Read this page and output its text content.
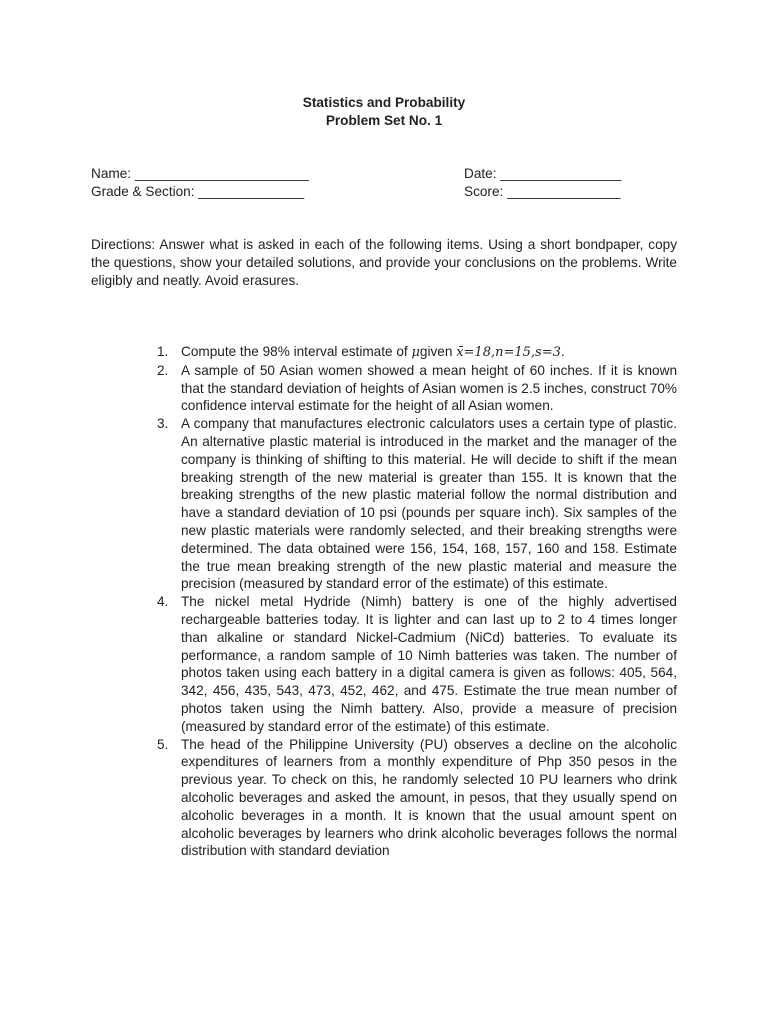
Statistics and Probability
Problem Set No. 1
Name: _______________________	Date: ________________
Grade & Section: ______________	Score: _______________
Directions: Answer what is asked in each of the following items. Using a short bondpaper, copy the questions, show your detailed solutions, and provide your conclusions on the problems. Write eligibly and neatly. Avoid erasures.
1. Compute the 98% interval estimate of μgiven x̄=18,n=15,s=3.
2. A sample of 50 Asian women showed a mean height of 60 inches. If it is known that the standard deviation of heights of Asian women is 2.5 inches, construct 70% confidence interval estimate for the height of all Asian women.
3. A company that manufactures electronic calculators uses a certain type of plastic. An alternative plastic material is introduced in the market and the manager of the company is thinking of shifting to this material. He will decide to shift if the mean breaking strength of the new material is greater than 155. It is known that the breaking strengths of the new plastic material follow the normal distribution and have a standard deviation of 10 psi (pounds per square inch). Six samples of the new plastic materials were randomly selected, and their breaking strengths were determined. The data obtained were 156, 154, 168, 157, 160 and 158. Estimate the true mean breaking strength of the new plastic material and measure the precision (measured by standard error of the estimate) of this estimate.
4. The nickel metal Hydride (Nimh) battery is one of the highly advertised rechargeable batteries today. It is lighter and can last up to 2 to 4 times longer than alkaline or standard Nickel-Cadmium (NiCd) batteries. To evaluate its performance, a random sample of 10 Nimh batteries was taken. The number of photos taken using each battery in a digital camera is given as follows: 405, 564, 342, 456, 435, 543, 473, 452, 462, and 475. Estimate the true mean number of photos taken using the Nimh battery. Also, provide a measure of precision (measured by standard error of the estimate) of this estimate.
5. The head of the Philippine University (PU) observes a decline on the alcoholic expenditures of learners from a monthly expenditure of Php 350 pesos in the previous year. To check on this, he randomly selected 10 PU learners who drink alcoholic beverages and asked the amount, in pesos, that they usually spend on alcoholic beverages in a month. It is known that the usual amount spent on alcoholic beverages by learners who drink alcoholic beverages follows the normal distribution with standard deviation
